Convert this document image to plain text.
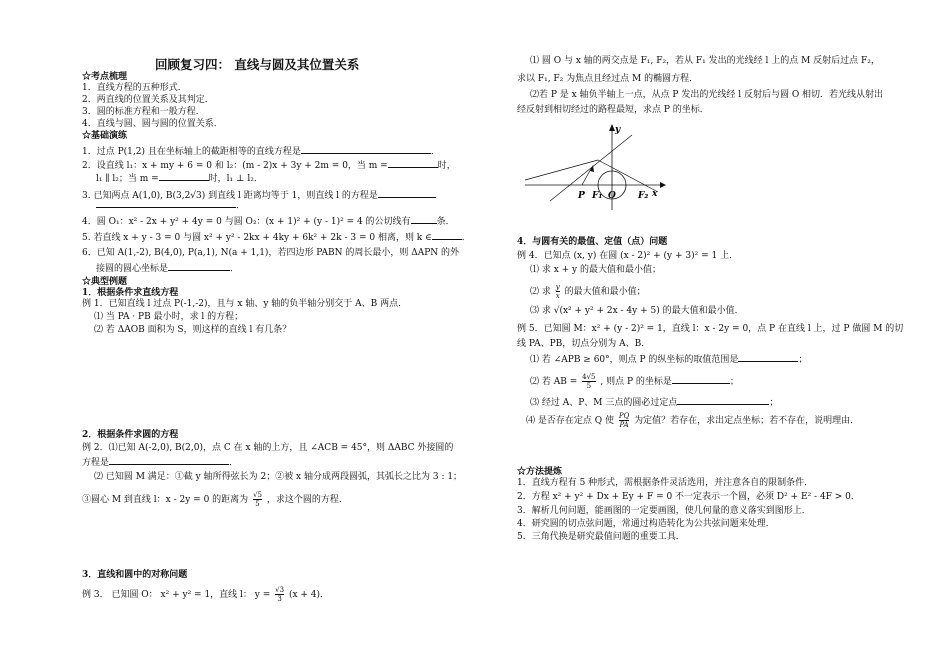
回顾复习四： 直线与圆及其位置关系
☆考点梳理
1．直线方程的五种形式．
2．两直线的位置关系及其判定．
3．圆的标准方程和一般方程．
4．直线与圆、圆与圆的位置关系．
☆基础演练
1．过点 P(1,2) 且在坐标轴上的截距相等的直线方程是	．
2．设直线 l₁：x + my + 6 = 0 和 l₂：(m - 2)x + 3y + 2m = 0，当 m =	时，
l₁ ∥ l₂；当 m =	时，l₁ ⊥ l₂．
3. 已知两点 A(1,0), B(3,2√3) 到直线 l 距离均等于 1，则直线 l 的方程是
．
4．圆 O₁：x² - 2x + y² + 4y = 0 与圆 O₂：(x + 1)² + (y - 1)² = 4 的公切线有	条．
5. 若直线 x + y - 3 = 0 与圆 x² + y² - 2kx + 4ky + 6k² + 2k - 3 = 0 相离，则 k ∈	．
6．已知 A(1,-2), B(4,0), P(a,1), N(a + 1,1)，若四边形 PABN 的周长最小，则 ΔAPN 的外
接圆的圆心坐标是	．
☆典型例题
1．根据条件求直线方程
例 1．已知直线 l 过点 P(-1,-2)，且与 x 轴、y 轴的负半轴分别交于 A、B 两点．
⑴ 当 PA · PB 最小时，求 l 的方程；
⑵ 若 ΔAOB 面积为 S，则这样的直线 l 有几条？
2．根据条件求圆的方程
例 2．⑴已知 A(-2,0), B(2,0)，点 C 在 x 轴的上方，且 ∠ACB = 45°，则 ΔABC 外接圆的
方程是	．
⑵ 已知圆 M 满足：①截 y 轴所得弦长为 2；②被 x 轴分成两段圆弧，其弧长之比为 3 : 1；
③圆心 M 到直线 l：x - 2y = 0 的距离为 $\frac{√5}{5}$ ，求这个圆的方程．
3．直线和圆中的对称问题
例 3． 已知圆 O： x² + y² = 1，直线 l： $y = \frac{√3}{3} (x + 4)$．
⑴ 圆 O 与 x 轴的两交点是 F₁, F₂，若从 F₁ 发出的光线经 l 上的点 M 反射后过点 F₂，
求以 F₁, F₂ 为焦点且经过点 M 的椭圆方程．
⑵若 P 是 x 轴负半轴上一点，从点 P 发出的光线经 l 反射后与圆 O 相切．若光线从射出
经反射到相切经过的路程最短，求点 P 的坐标．
y
x
P F₁ O F₂
4．与圆有关的最值、定值（点）问题
例 4．已知点 (x, y) 在圆 (x - 2)² + (y + 3)² = 1 上．
⑴ 求 x + y 的最大值和最小值；
⑵ 求 $\frac{y}{x}$ 的最大值和最小值；
⑶ 求 √(x² + y² + 2x - 4y + 5) 的最大值和最小值．
例 5．已知圆 M：x² + (y - 2)² = 1，直线 l：x - 2y = 0，点 P 在直线 l 上，过 P 做圆 M 的切
线 PA、PB，切点分别为 A、B．
⑴ 若 ∠APB ≥ 60°，则点 P 的纵坐标的取值范围是	；
⑵ 若 AB = $\frac{4√5}{5}$ , 则点 P 的坐标是	；
⑶ 经过 A、P、M 三点的圆必过定点	；
⑷ 是否存在定点 Q 使 $\frac{PQ}{PA}$ 为定值？若存在，求出定点坐标；若不存在，说明理由．
☆方法提炼
1．直线方程有 5 种形式，需根据条件灵活选用，并注意各自的限制条件．
2．方程 x² + y² + Dx + Ey + F = 0 不一定表示一个圆，必须 D² + E² - 4F > 0．
3．解析几何问题，能画图的一定要画图，使几何量的意义落实到图形上．
4．研究圆的切点弦问题，常通过构造转化为公共弦问题来处理．
5．三角代换是研究最值问题的重要工具．
